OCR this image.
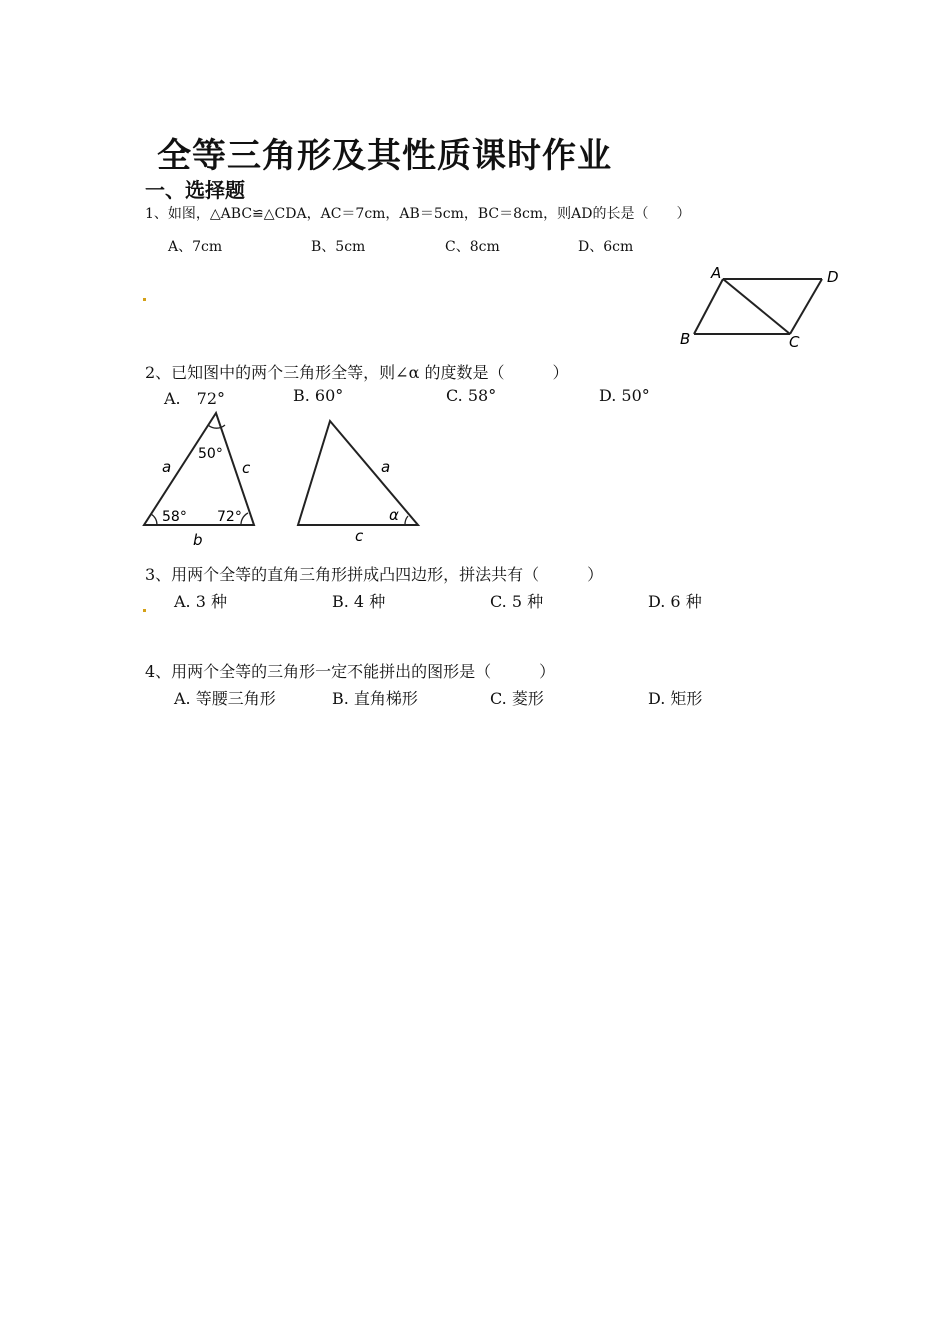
全等三角形及其性质课时作业
一、选择题
1、如图，△ABC≌△CDA，AC＝7cm，AB＝5cm，BC＝8cm，则AD的长是（　　）
A、7cm	B、5cm	C、8cm	D、6cm
A	D
B	C
2、已知图中的两个三角形全等，则∠α 的度数是（　　　）
A.　72°	B. 60°	C. 58°	D. 50°
50°
58° 72°
a	c
b
a
c
α
3、用两个全等的直角三角形拼成凸四边形，拼法共有（　　　）
A. 3 种	B. 4 种	C. 5 种	D. 6 种
4、用两个全等的三角形一定不能拼出的图形是（　　　）
A. 等腰三角形	B. 直角梯形	C. 菱形	D. 矩形
